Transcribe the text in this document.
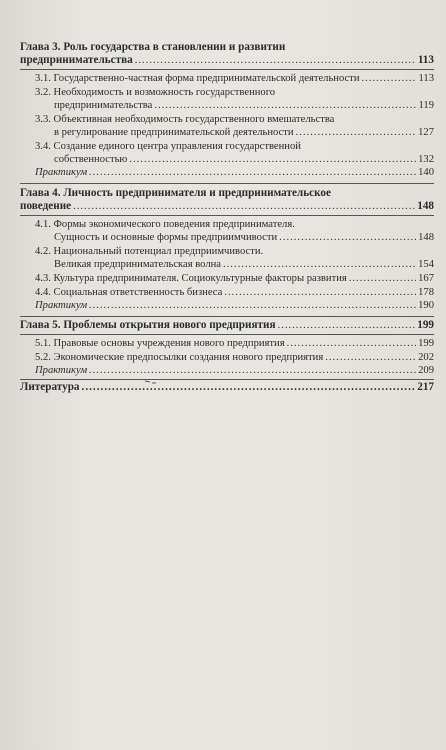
Глава 3. Роль государства в становлении и развитии
предпринимательства .....	113
3.1. Государственно-частная форма предпринимательской деятельности .....	113
3.2. Необходимость и возможность государственного
предпринимательства .....	119
3.3. Объективная необходимость государственного вмешательства
в регулирование предпринимательской деятельности .....	127
3.4. Создание единого центра управления государственной
собственностью .....	132
Практикум .....	140
Глава 4. Личность предпринимателя и предпринимательское
поведение .....	148
4.1. Формы экономического поведения предпринимателя.
Сущность и основные формы предприимчивости .....	148
4.2. Национальный потенциал предприимчивости.
Великая предпринимательская волна .....	154
4.3. Культура предпринимателя. Социокультурные факторы развития .....	167
4.4. Социальная ответственность бизнеса .....	178
Практикум .....	190
Глава 5. Проблемы открытия нового предприятия .....	199
5.1. Правовые основы учреждения нового предприятия .....	199
5.2. Экономические предпосылки создания нового предприятия .....	202
Практикум .....	209
Литература .....	217
